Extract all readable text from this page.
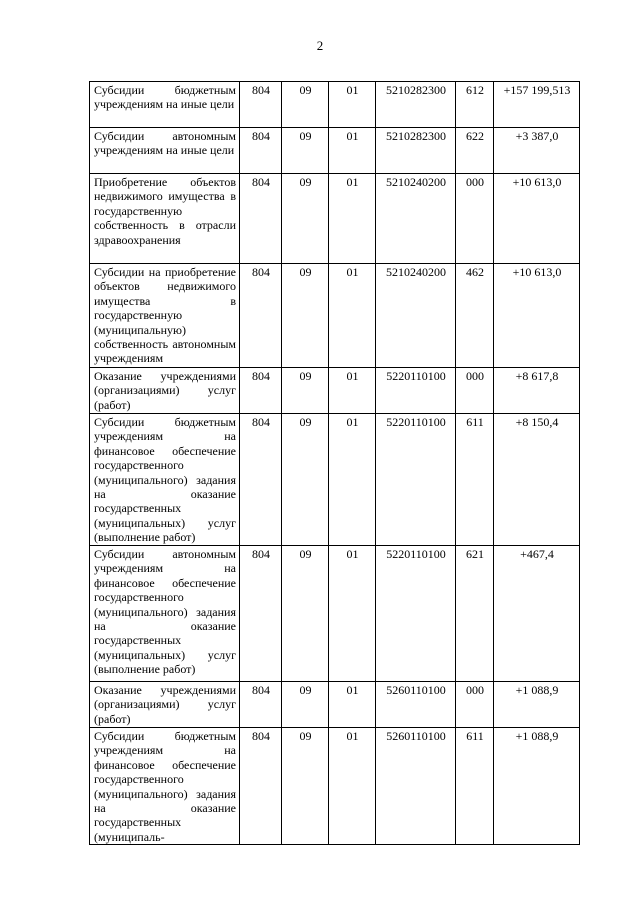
2
Субсидии бюджетным учреждениям на иные цели	804	09	01	5210282300	612	+157 199,513
Субсидии автономным учреждениям на иные цели	804	09	01	5210282300	622	+3 387,0
Приобретение объектов недвижимого имущества в государственную собственность в отрасли здравоохранения	804	09	01	5210240200	000	+10 613,0
Субсидии на приобретение объектов недвижимого имущества в государственную (муниципальную) собственность автономным учреждениям	804	09	01	5210240200	462	+10 613,0
Оказание учреждениями (организациями) услуг (работ)	804	09	01	5220110100	000	+8 617,8
Субсидии бюджетным учреждениям на финансовое обеспечение государственного (муниципального) задания на оказание государственных (муниципальных) услуг (выполнение работ)	804	09	01	5220110100	611	+8 150,4
Субсидии автономным учреждениям на финансовое обеспечение государственного (муниципального) задания на оказание государственных (муниципальных) услуг (выполнение работ)	804	09	01	5220110100	621	+467,4
Оказание учреждениями (организациями) услуг (работ)	804	09	01	5260110100	000	+1 088,9
Субсидии бюджетным учреждениям на финансовое обеспечение государственного (муниципального) задания на оказание государственных (муниципаль-	804	09	01	5260110100	611	+1 088,9
